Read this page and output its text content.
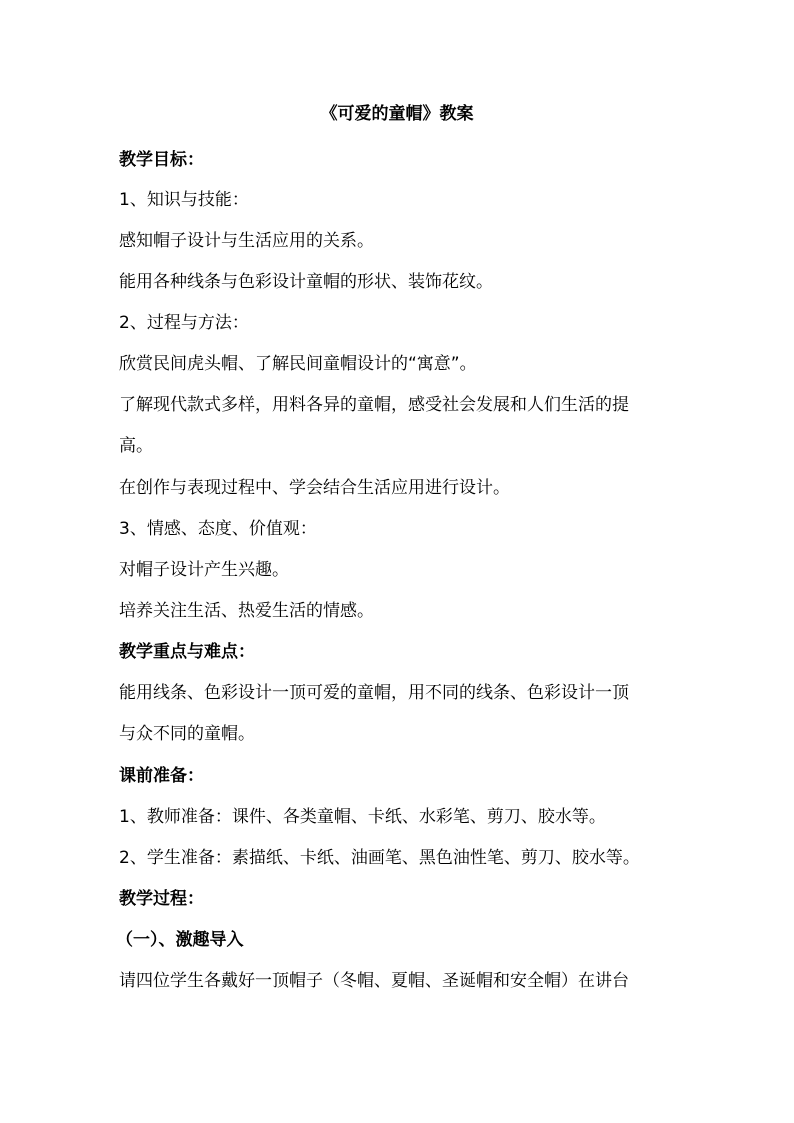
《可爱的童帽》教案
教学目标：
1、知识与技能：
感知帽子设计与生活应用的关系。
能用各种线条与色彩设计童帽的形状、装饰花纹。
2、过程与方法：
欣赏民间虎头帽、了解民间童帽设计的“寓意”。
了解现代款式多样，用料各异的童帽，感受社会发展和人们生活的提
高。
在创作与表现过程中、学会结合生活应用进行设计。
3、情感、态度、价值观：
对帽子设计产生兴趣。
培养关注生活、热爱生活的情感。
教学重点与难点：
能用线条、色彩设计一顶可爱的童帽，用不同的线条、色彩设计一顶
与众不同的童帽。
课前准备：
1、教师准备：课件、各类童帽、卡纸、水彩笔、剪刀、胶水等。
2、学生准备：素描纸、卡纸、油画笔、黑色油性笔、剪刀、胶水等。
教学过程：
（一）、激趣导入
请四位学生各戴好一顶帽子（冬帽、夏帽、圣诞帽和安全帽）在讲台
